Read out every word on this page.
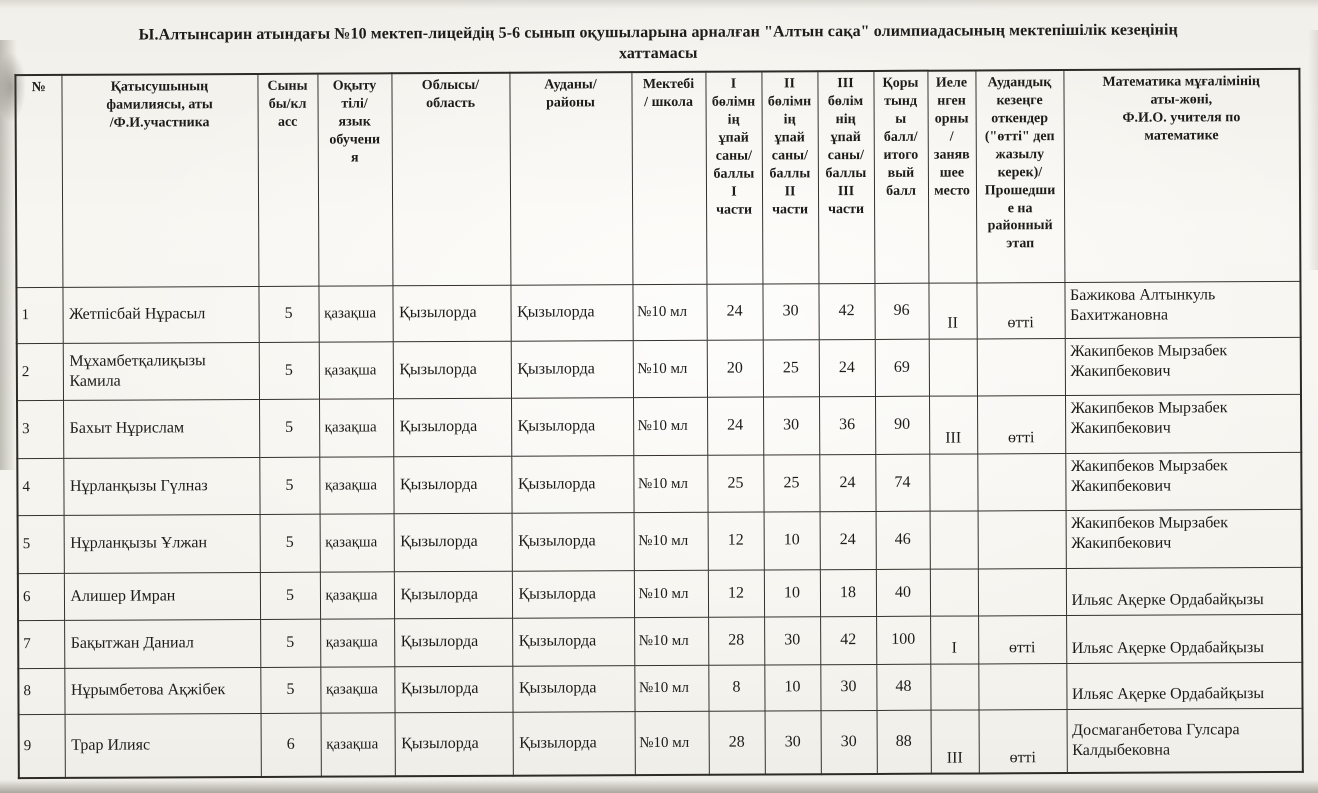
Ы.Алтынсарин атындағы №10 мектеп-лицейдің 5-6 сынып оқушыларына арналған "Алтын сақа" олимпиадасының мектепішілік кезеңінің
хаттамасы
№	Қатысушының
фамилиясы, аты
/Ф.И.участника	Сыны
бы/кл
асс	Оқыту
тілі/
язык
обучени
я	Облысы/
область	Ауданы/
районы	Мектебі
/ школа	I
бөлімн
ің
ұпай
саны/
баллы
I
части	II
бөлімн
ің
ұпай
саны/
баллы
II
части	III
бөлім
нің
ұпай
саны/
баллы
III
части	Қоры
тынд
ы
балл/
итого
вый
балл	Иеле
нген
орны
/
заняв
шее
место	Аудандық
кезеңге
откендер
("өтті" деп
жазылу
керек)/
Прошедши
е на
районный
этап	Математика мұғалімінің
аты-жөні,
Ф.И.О. учителя по
математике
1	Жетпісбай Нұрасыл	5	қазақша	Қызылорда	Қызылорда	№10 мл	24	30	42	96	II	өтті	Бажикова Алтынкуль Бахитжановна
2	Мұхамбетқалиқызы Камила	5	қазақша	Қызылорда	Қызылорда	№10 мл	20	25	24	69			Жакипбеков Мырзабек Жакипбекович
3	Бахыт Нұрислам	5	қазақша	Қызылорда	Қызылорда	№10 мл	24	30	36	90	III	өтті	Жакипбеков Мырзабек Жакипбекович
4	Нұрланқызы Гүлназ	5	қазақша	Қызылорда	Қызылорда	№10 мл	25	25	24	74			Жакипбеков Мырзабек Жакипбекович
5	Нұрланқызы Ұлжан	5	қазақша	Қызылорда	Қызылорда	№10 мл	12	10	24	46			Жакипбеков Мырзабек Жакипбекович
6	Алишер Имран	5	қазақша	Қызылорда	Қызылорда	№10 мл	12	10	18	40			Ильяс Ақерке Ордабайқызы
7	Бақытжан Даниал	5	қазақша	Қызылорда	Қызылорда	№10 мл	28	30	42	100	I	өтті	Ильяс Ақерке Ордабайқызы
8	Нұрымбетова Ақжібек	5	қазақша	Қызылорда	Қызылорда	№10 мл	8	10	30	48			Ильяс Ақерке Ордабайқызы
9	Трар Илияс	6	қазақша	Қызылорда	Қызылорда	№10 мл	28	30	30	88	III	өтті	Досмаганбетова Гулсара Калдыбековна
